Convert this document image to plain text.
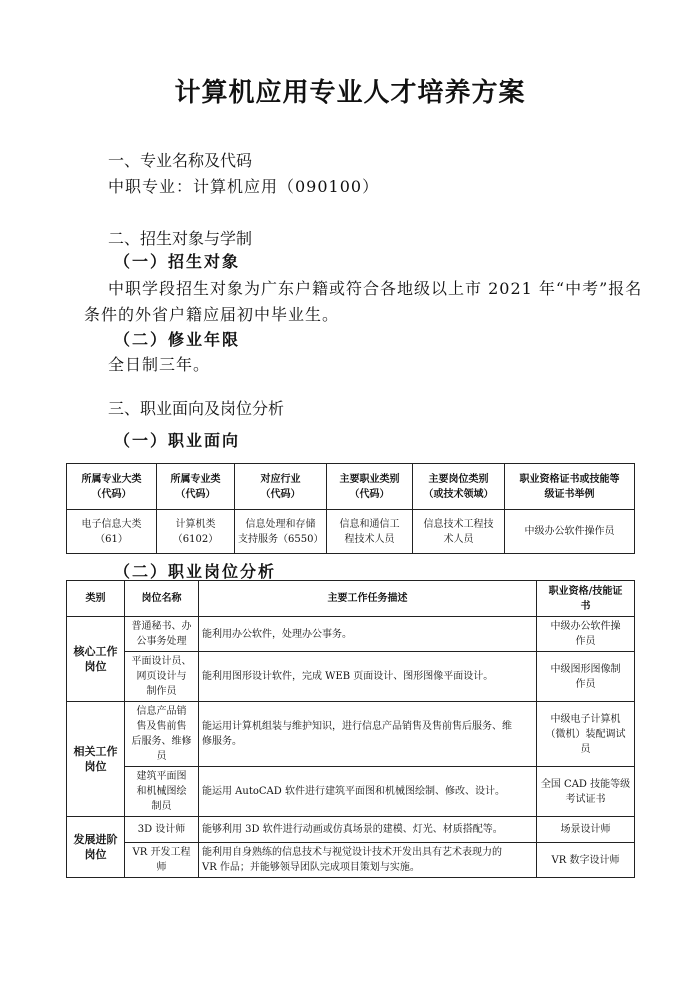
计算机应用专业人才培养方案
一、专业名称及代码
中职专业：计算机应用（090100）
二、招生对象与学制
（一）招生对象
中职学段招生对象为广东户籍或符合各地级以上市 2021 年“中考”报名
条件的外省户籍应届初中毕业生。
（二）修业年限
全日制三年。
三、职业面向及岗位分析
（一）职业面向
所属专业大类
（代码）	所属专业类
（代码）	对应行业
（代码）	主要职业类别
（代码）	主要岗位类别
（或技术领域）	职业资格证书或技能等
级证书举例
电子信息大类
（61）	计算机类
（6102）	信息处理和存储
支持服务（6550）	信息和通信工
程技术人员	信息技术工程技
术人员	中级办公软件操作员
（二）职业岗位分析
类别	岗位名称	主要工作任务描述	职业资格/技能证
书
核心工作
岗位	普通秘书、办
公事务处理	能利用办公软件，处理办公事务。	中级办公软件操
作员
	平面设计员、
网页设计与
制作员	能利用图形设计软件，完成 WEB 页面设计、图形图像平面设计。	中级图形图像制
作员
相关工作
岗位	信息产品销
售及售前售
后服务、维修
员	能运用计算机组装与维护知识，进行信息产品销售及售前售后服务、维
修服务。	中级电子计算机
（微机）装配调试
员
	建筑平面图
和机械图绘
制员	能运用 AutoCAD 软件进行建筑平面图和机械图绘制、修改、设计。	全国 CAD 技能等级
考试证书
发展进阶
岗位	3D 设计师	能够利用 3D 软件进行动画或仿真场景的建模、灯光、材质搭配等。	场景设计师
	VR 开发工程
师	能利用自身熟练的信息技术与视觉设计技术开发出具有艺术表现力的
VR 作品；并能够领导团队完成项目策划与实施。	VR 数字设计师
